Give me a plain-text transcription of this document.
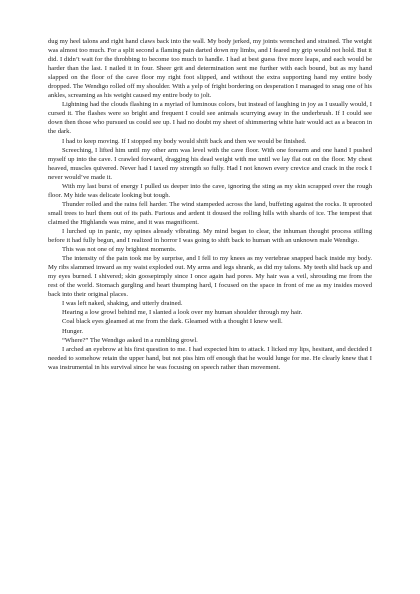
dug my heel talons and right hand claws back into the wall. My body jerked, my joints wrenched and strained. The weight was almost too much. For a split second a flaming pain darted down my limbs, and I feared my grip would not hold. But it did. I didn’t wait for the throbbing to become too much to handle. I had at best guess five more leaps, and each would be harder than the last. I nailed it in four. Sheer grit and determination sent me further with each bound, but as my hand slapped on the floor of the cave floor my right foot slipped, and without the extra supporting hand my entire body dropped. The Wendigo rolled off my shoulder. With a yelp of fright bordering on desperation I managed to snag one of his ankles, screaming as his weight caused my entire body to jolt.

Lightning had the clouds flashing in a myriad of luminous colors, but instead of laughing in joy as I usually would, I cursed it. The flashes were so bright and frequent I could see animals scurrying away in the underbrush. If I could see down then those who pursued us could see up. I had no doubt my sheet of shimmering white hair would act as a beacon in the dark.

I had to keep moving. If I stopped my body would shift back and then we would be finished.

Screeching, I lifted him until my other arm was level with the cave floor. With one forearm and one hand I pushed myself up into the cave. I crawled forward, dragging his dead weight with me until we lay flat out on the floor. My chest heaved, muscles quivered. Never had I taxed my strength so fully. Had I not known every crevice and crack in the rock I never would’ve made it.

With my last burst of energy I pulled us deeper into the cave, ignoring the sting as my skin scrapped over the rough floor. My hide was delicate looking but tough.

Thunder rolled and the rains fell harder. The wind stampeded across the land, buffeting against the rocks. It uprooted small trees to hurl them out of its path. Furious and ardent it doused the rolling hills with shards of ice. The tempest that claimed the Highlands was mine, and it was magnificent.

I lurched up in panic, my spines already vibrating. My mind began to clear, the inhuman thought process stilling before it had fully begun, and I realized in horror I was going to shift back to human with an unknown male Wendigo.

This was not one of my brightest moments.

The intensity of the pain took me by surprise, and I fell to my knees as my vertebrae snapped back inside my body. My ribs slammed inward as my waist exploded out. My arms and legs shrank, as did my talons. My teeth slid back up and my eyes burned. I shivered; skin goosepimply since I once again had pores. My hair was a veil, shrouding me from the rest of the world. Stomach gurgling and heart thumping hard, I focused on the space in front of me as my insides moved back into their original places.

I was left naked, shaking, and utterly drained.

Hearing a low growl behind me, I slanted a look over my human shoulder through my hair.

Coal black eyes gleamed at me from the dark. Gleamed with a thought I knew well.

Hunger.

“Where?” The Wendigo asked in a rumbling growl.

I arched an eyebrow at his first question to me. I had expected him to attack. I licked my lips, hesitant, and decided I needed to somehow retain the upper hand, but not piss him off enough that he would lunge for me. He clearly knew that I was instrumental in his survival since he was focusing on speech rather than movement.
